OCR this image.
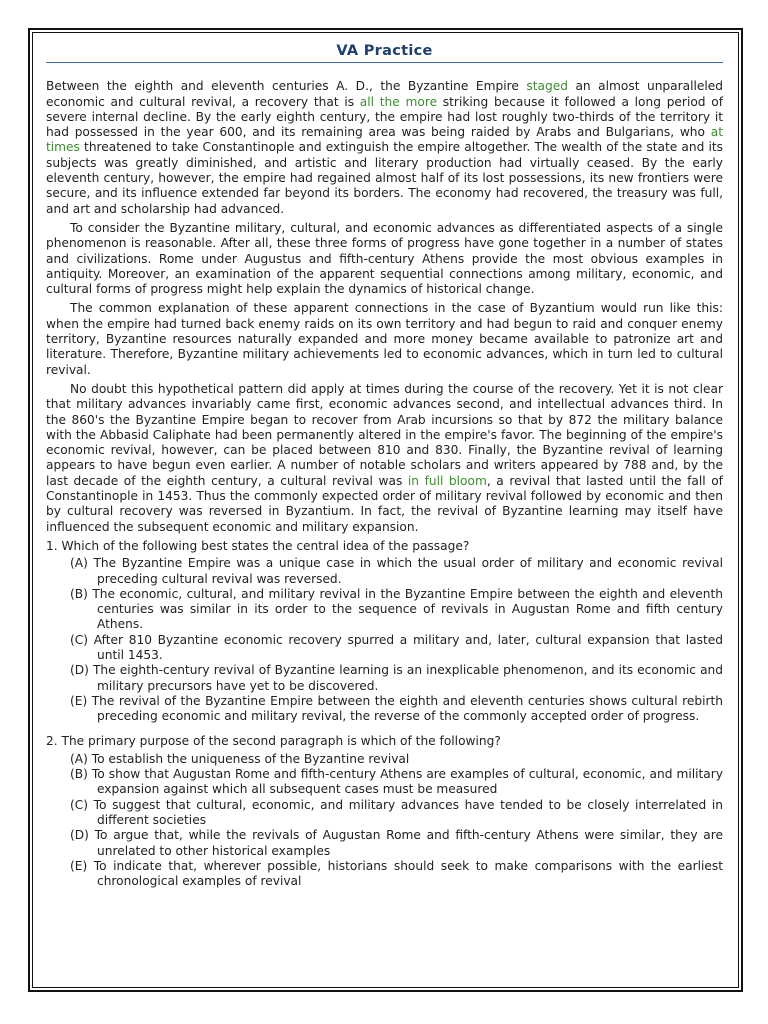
VA Practice

Between the eighth and eleventh centuries A. D., the Byzantine Empire staged an almost unparalleled economic and cultural revival, a recovery that is all the more striking because it followed a long period of severe internal decline. By the early eighth century, the empire had lost roughly two-thirds of the territory it had possessed in the year 600, and its remaining area was being raided by Arabs and Bulgarians, who at times threatened to take Constantinople and extinguish the empire altogether. The wealth of the state and its subjects was greatly diminished, and artistic and literary production had virtually ceased. By the early eleventh century, however, the empire had regained almost half of its lost possessions, its new frontiers were secure, and its influence extended far beyond its borders. The economy had recovered, the treasury was full, and art and scholarship had advanced.

To consider the Byzantine military, cultural, and economic advances as differentiated aspects of a single phenomenon is reasonable. After all, these three forms of progress have gone together in a number of states and civilizations. Rome under Augustus and fifth-century Athens provide the most obvious examples in antiquity. Moreover, an examination of the apparent sequential connections among military, economic, and cultural forms of progress might help explain the dynamics of historical change.

The common explanation of these apparent connections in the case of Byzantium would run like this: when the empire had turned back enemy raids on its own territory and had begun to raid and conquer enemy territory, Byzantine resources naturally expanded and more money became available to patronize art and literature. Therefore, Byzantine military achievements led to economic advances, which in turn led to cultural revival.

No doubt this hypothetical pattern did apply at times during the course of the recovery. Yet it is not clear that military advances invariably came first, economic advances second, and intellectual advances third. In the 860's the Byzantine Empire began to recover from Arab incursions so that by 872 the military balance with the Abbasid Caliphate had been permanently altered in the empire's favor. The beginning of the empire's economic revival, however, can be placed between 810 and 830. Finally, the Byzantine revival of learning appears to have begun even earlier. A number of notable scholars and writers appeared by 788 and, by the last decade of the eighth century, a cultural revival was in full bloom, a revival that lasted until the fall of Constantinople in 1453. Thus the commonly expected order of military revival followed by economic and then by cultural recovery was reversed in Byzantium. In fact, the revival of Byzantine learning may itself have influenced the subsequent economic and military expansion.

1. Which of the following best states the central idea of the passage?
(A) The Byzantine Empire was a unique case in which the usual order of military and economic revival preceding cultural revival was reversed.
(B) The economic, cultural, and military revival in the Byzantine Empire between the eighth and eleventh centuries was similar in its order to the sequence of revivals in Augustan Rome and fifth century Athens.
(C) After 810 Byzantine economic recovery spurred a military and, later, cultural expansion that lasted until 1453.
(D) The eighth-century revival of Byzantine learning is an inexplicable phenomenon, and its economic and military precursors have yet to be discovered.
(E) The revival of the Byzantine Empire between the eighth and eleventh centuries shows cultural rebirth preceding economic and military revival, the reverse of the commonly accepted order of progress.
2. The primary purpose of the second paragraph is which of the following?
(A) To establish the uniqueness of the Byzantine revival
(B) To show that Augustan Rome and fifth-century Athens are examples of cultural, economic, and military expansion against which all subsequent cases must be measured
(C) To suggest that cultural, economic, and military advances have tended to be closely interrelated in different societies
(D) To argue that, while the revivals of Augustan Rome and fifth-century Athens were similar, they are unrelated to other historical examples
(E) To indicate that, wherever possible, historians should seek to make comparisons with the earliest chronological examples of revival
